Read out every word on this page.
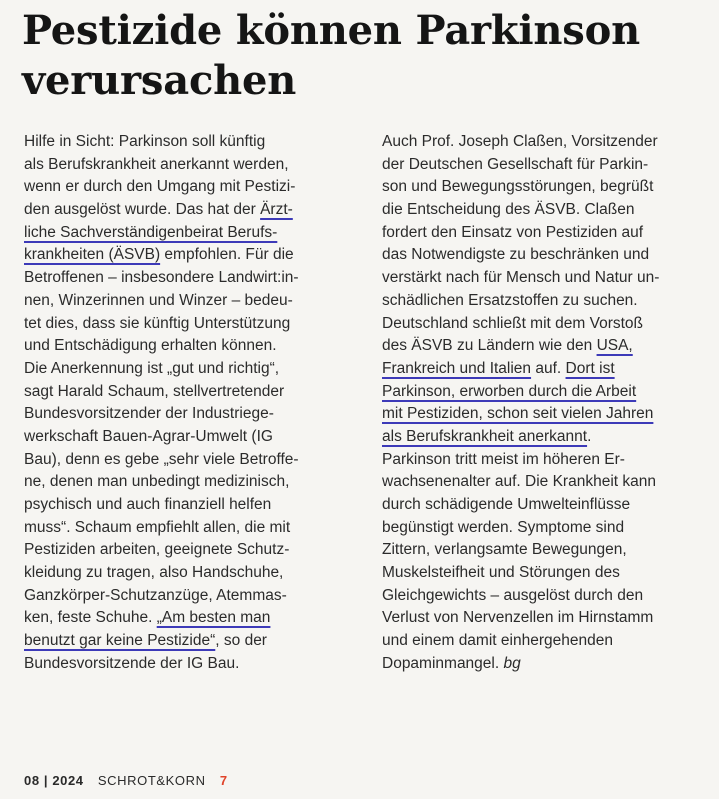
Pestizide können Parkinson verursachen
Hilfe in Sicht: Parkinson soll künftig
als Berufskrankheit anerkannt werden,
wenn er durch den Umgang mit Pestizi-
den ausgelöst wurde. Das hat der Ärzt-
liche Sachverständigenbeirat Berufs-
krankheiten (ÄSVB) empfohlen. Für die
Betroffenen – insbesondere Landwirt:in-
nen, Winzerinnen und Winzer – bedeu-
tet dies, dass sie künftig Unterstützung
und Entschädigung erhalten können.
Die Anerkennung ist „gut und richtig“,
sagt Harald Schaum, stellvertretender
Bundesvorsitzender der Industriege-
werkschaft Bauen-Agrar-Umwelt (IG
Bau), denn es gebe „sehr viele Betroffe-
ne, denen man unbedingt medizinisch,
psychisch und auch finanziell helfen
muss“. Schaum empfiehlt allen, die mit
Pestiziden arbeiten, geeignete Schutz-
kleidung zu tragen, also Handschuhe,
Ganzkörper-Schutzanzüge, Atemmas-
ken, feste Schuhe. „Am besten man
benutzt gar keine Pestizide“, so der
Bundesvorsitzende der IG Bau.
Auch Prof. Joseph Claßen, Vorsitzender
der Deutschen Gesellschaft für Parkin-
son und Bewegungsstörungen, begrüßt
die Entscheidung des ÄSVB. Claßen
fordert den Einsatz von Pestiziden auf
das Notwendigste zu beschränken und
verstärkt nach für Mensch und Natur un-
schädlichen Ersatzstoffen zu suchen.
Deutschland schließt mit dem Vorstoß
des ÄSVB zu Ländern wie den USA,
Frankreich und Italien auf. Dort ist
Parkinson, erworben durch die Arbeit
mit Pestiziden, schon seit vielen Jahren
als Berufskrankheit anerkannt.
Parkinson tritt meist im höheren Er-
wachsenenalter auf. Die Krankheit kann
durch schädigende Umwelteinflüsse
begünstigt werden. Symptome sind
Zittern, verlangsamte Bewegungen,
Muskelsteifheit und Störungen des
Gleichgewichts – ausgelöst durch den
Verlust von Nervenzellen im Hirnstamm
und einem damit einhergehenden
Dopaminmangel. bg
08 | 2024 SCHROT&KORN 7
